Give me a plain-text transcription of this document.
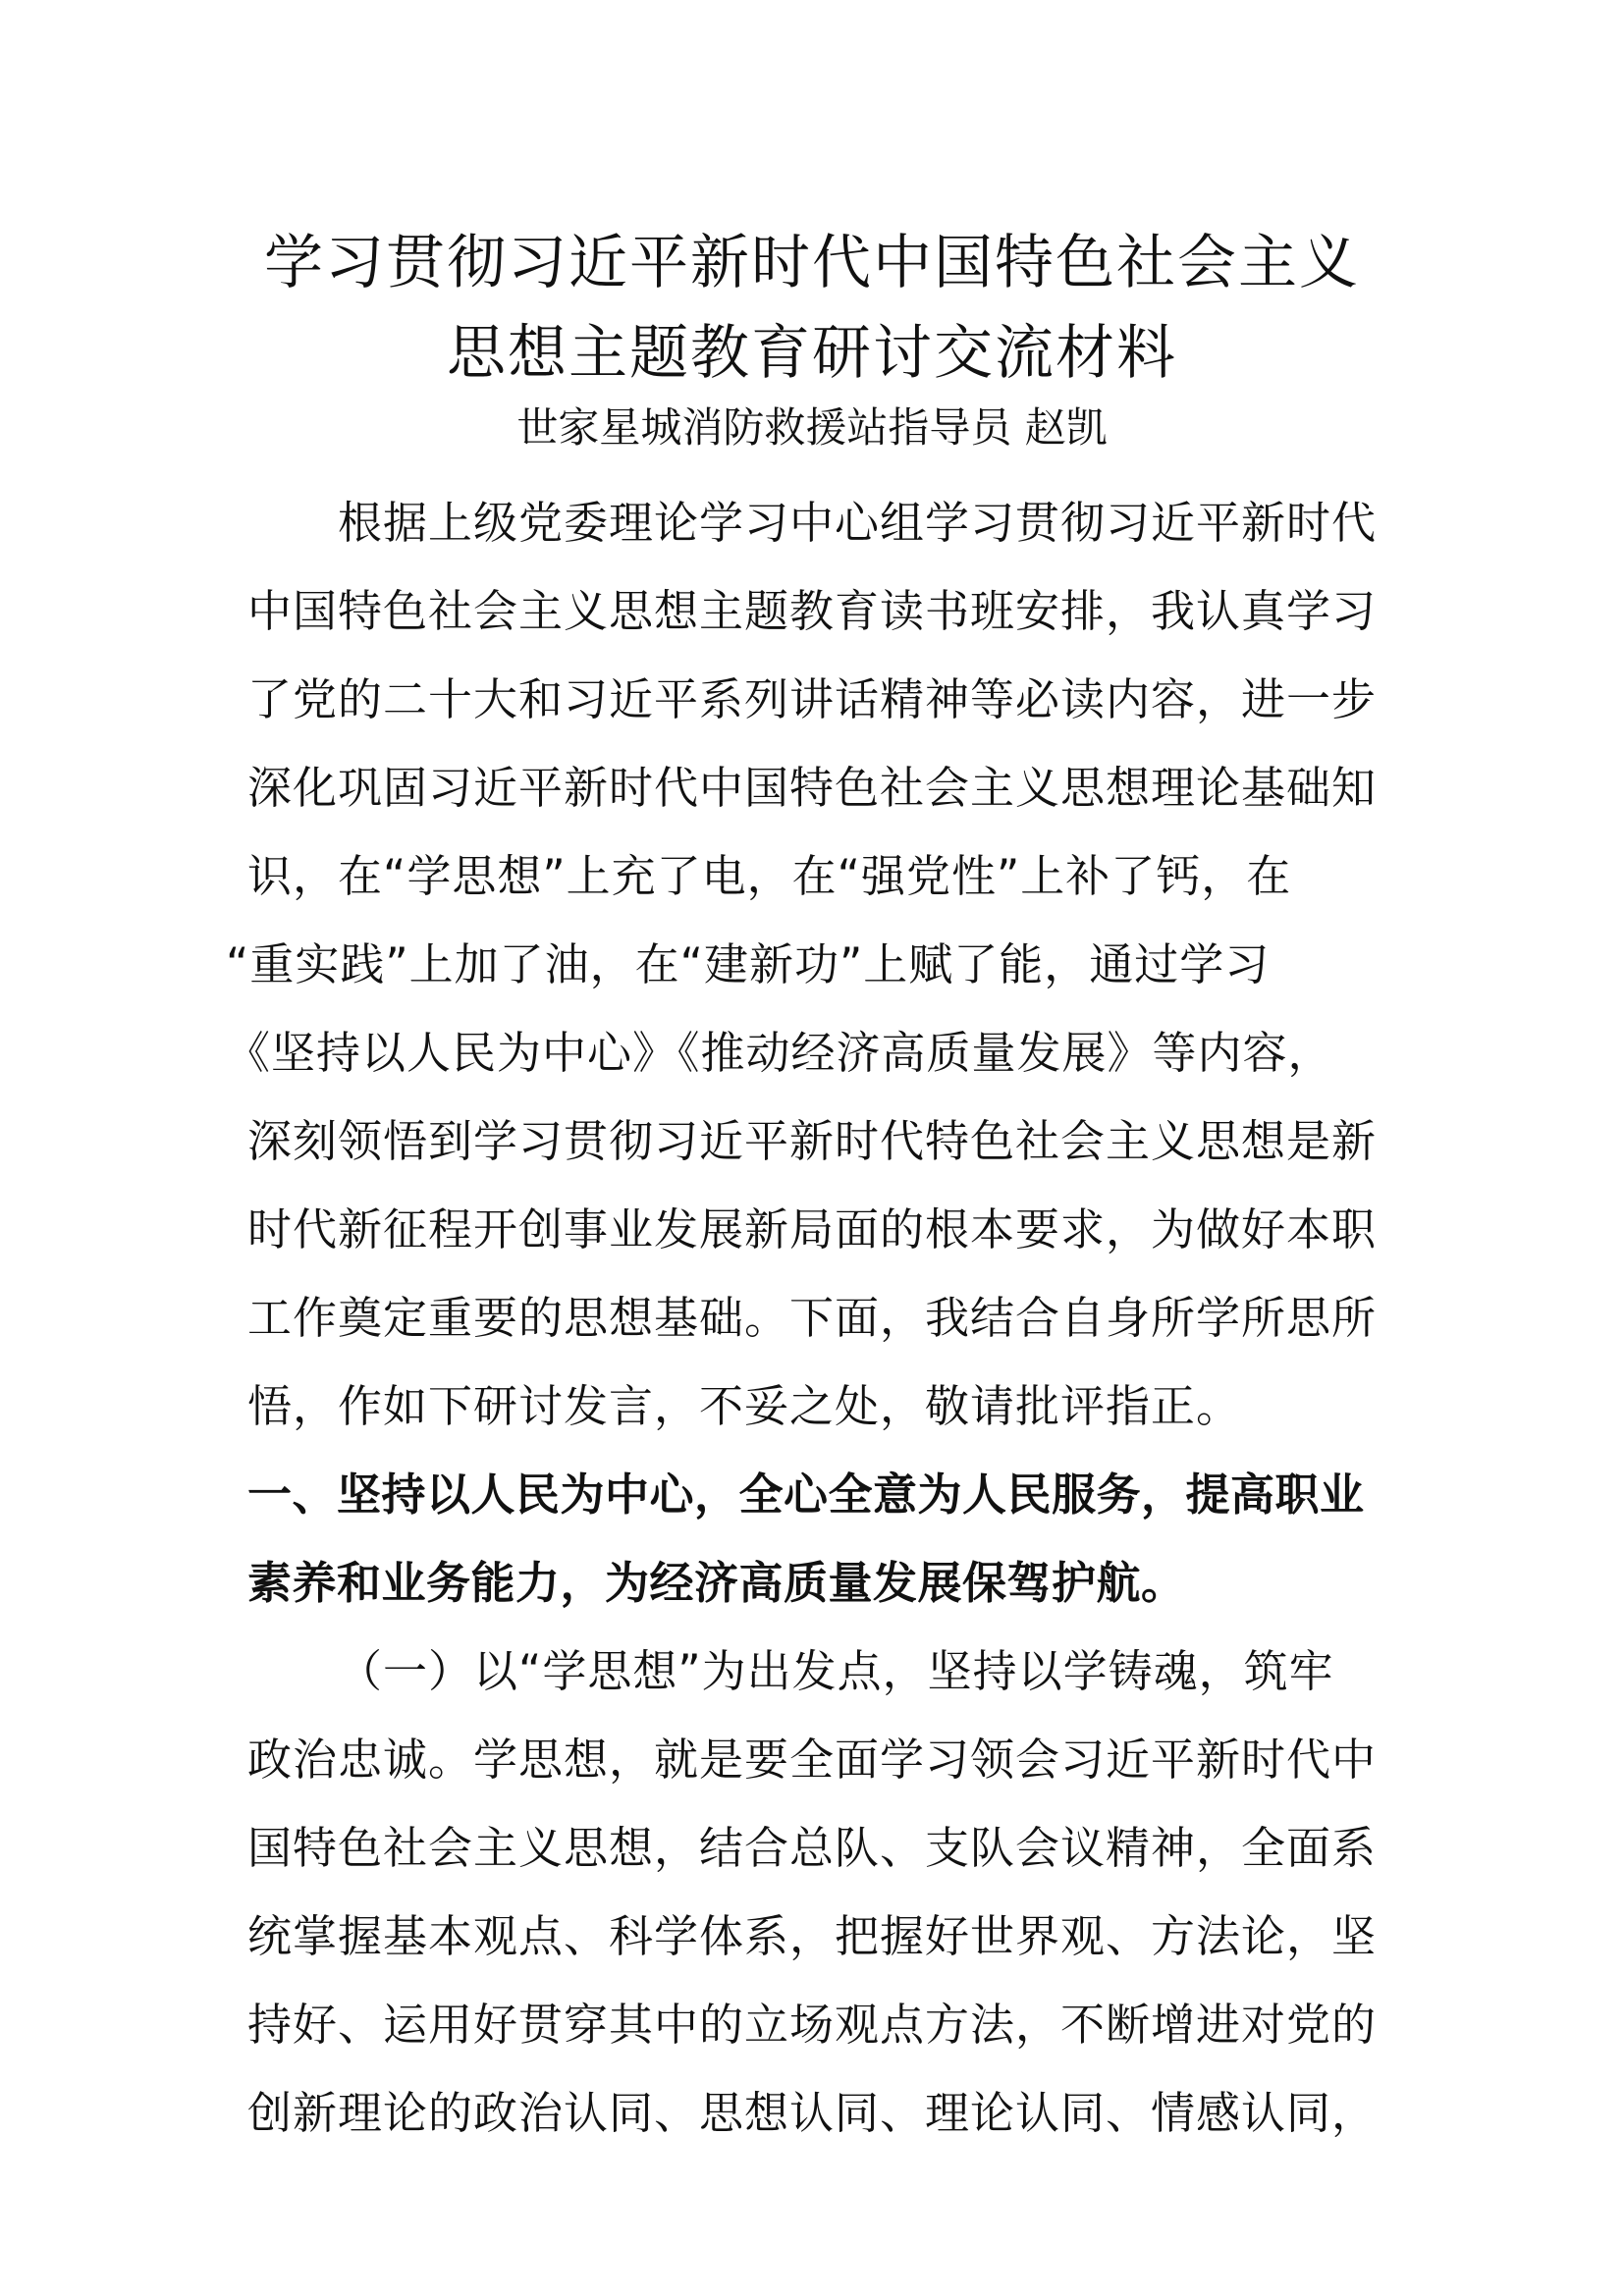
学习贯彻习近平新时代中国特色社会主义
思想主题教育研讨交流材料
世家星城消防救援站指导员 赵凯
根据上级党委理论学习中心组学习贯彻习近平新时代
中国特色社会主义思想主题教育读书班安排，我认真学习
了党的二十大和习近平系列讲话精神等必读内容，进一步
深化巩固习近平新时代中国特色社会主义思想理论基础知
识，在“学思想”上充了电，在“强党性”上补了钙，在
“重实践”上加了油，在“建新功”上赋了能，通过学习
《坚持以人民为中心》《推动经济高质量发展》等内容，
深刻领悟到学习贯彻习近平新时代特色社会主义思想是新
时代新征程开创事业发展新局面的根本要求，为做好本职
工作奠定重要的思想基础。下面，我结合自身所学所思所
悟，作如下研讨发言，不妥之处，敬请批评指正。
一、坚持以人民为中心，全心全意为人民服务，提高职业
素养和业务能力，为经济高质量发展保驾护航。
（一）以“学思想”为出发点，坚持以学铸魂，筑牢
政治忠诚。学思想，就是要全面学习领会习近平新时代中
国特色社会主义思想，结合总队、支队会议精神，全面系
统掌握基本观点、科学体系，把握好世界观、方法论，坚
持好、运用好贯穿其中的立场观点方法，不断增进对党的
创新理论的政治认同、思想认同、理论认同、情感认同，
